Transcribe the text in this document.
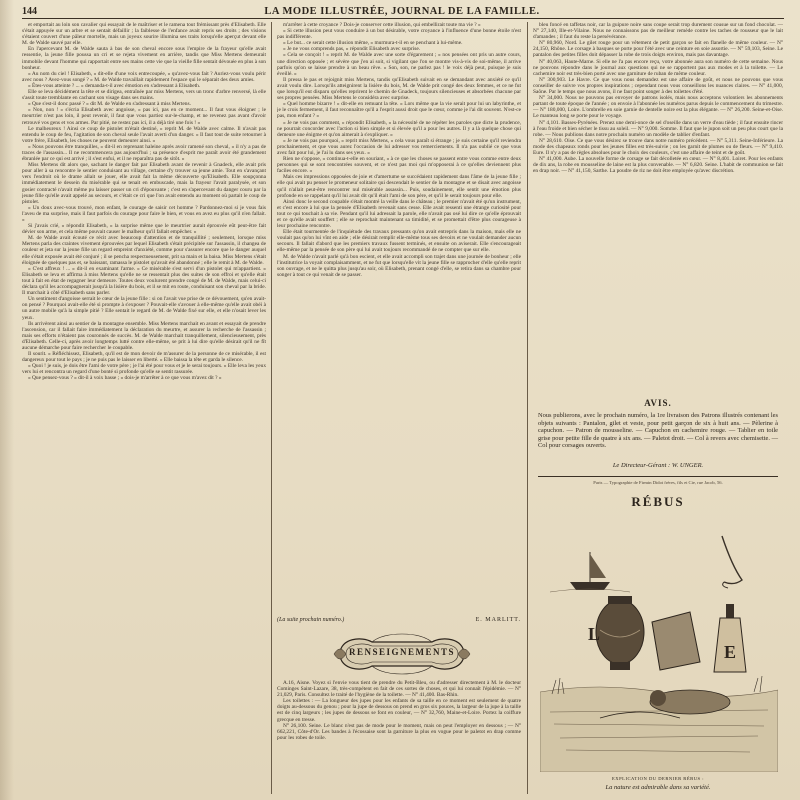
144	LA MODE ILLUSTRÉE, JOURNAL DE LA FAMILLE.

et emportait au loin son cavalier qui essayait de le maîtriser et le ramena tout frémissant près d'Elisabeth. Elle s'était appuyée sur un arbre et se sentait défaillir ; la faiblesse de l'enfance avait repris ses droits ; des visions s'étaient couvert d'une pâleur mortelle, mais un joyeux sourire illumina ses traits lorsqu'elle aperçut devant elle M. de Walde sauvé par elle.

En l'apercevant M. de Walde sauta à bas de son cheval encore sous l'empire de la frayeur qu'elle avait ressentie, la jeune fille poussa un cri et se rejeta vivement en arrière, tandis que Miss Mertens demeurait immobile devant l'homme qui rapportait entre ses mains cette vie que la vieille fille sentait dévouée en plus à son bonheur.

« Au nom du ciel ! Elisabeth, » dit-elle d'une voix entrecoupée, « qu'avez-vous fait ? Auriez-vous voulu périr avec nous ? Avez-vous songé ? » M. de Walde travaillait rapidement l'espace qui le séparait des deux amies.

« Êtes-vous atteinte ? ... » demanda-t-il avec émotion en s'adressant à Elisabeth.

Elle se leva décidément la tête et se dirigea, entraînée par miss Mertens, vers un tronc d'arbre renversé, là elle s'assit toute tremblante en cachant son visage dans ses mains.

« Que s'est-il donc passé ? » dit M. de Walde en s'adressant à miss Mertens.

« Non, non ! » s'écria Elisabeth avec angoisse, « pas ici, pas en ce moment... Il faut vous éloigner ; le meurtrier n'est pas loin, il peut revenir, il faut que vous partiez sur-le-champ, et ne revenez pas avant d'avoir retrouvé vos gens et vos armes. Par pitié, ne restez pas ici, il a déjà tiré une fois ! »

Le malheureux ! Ainsi ce coup de pistolet m'était destiné, » reprit M. de Walde avec calme. Il n'avait pas entendu le coup de feu, l'agitation de son cheval seule l'avait averti d'un danger. « Il faut tout de suite retourner à votre frère, Elisabeth, les choses ne peuvent demeurer ainsi. »

« Nous pouvons être tranquilles, » dit-il en reprenant haleine après avoir ramené son cheval, « il n'y a pas de traces de l'assassin... Il ne recommencera pas aujourd'hui ; sa présence d'esprit me paraît avoir été grandement ébranlée par ce qui est arrivé ; il s'est enfui, et il ne reparaîtra pas de sitôt. »

Miss Mertens dit alors que, sachant le danger fait par Elisabeth avant de revenir à Gnadeck, elle avait pris pour aller à sa rencontre le sentier conduisant au village, certaine d'y trouver sa jeune amie. Tout en s'avançant vers l'endroit où le drame allait se jouer, elle avait fait la même découverte qu'Elisabeth. Elle soupçonna immédiatement le dessein du misérable qui se tenait en embuscade, mais la frayeur l'avait paralysée, et son gosier contracté n'avait même pu laisser passer un cri d'épouvante ; c'est en s'apercevant du danger couru par la jeune fille qu'elle avait appelé au secours, et c'était ce cri que l'on avait entendu au moment où partait le coup de pistolet.

« Un doux avec-vous trouvé, mon enfant, le courage de saisir cet homme ? Pardonnez-moi si je vous fais l'aveu de ma surprise, mais il faut parfois du courage pour faire le bien, et vous en avez eu plus qu'il n'en fallait. »

Si j'avais crié, » répondit Elisabeth, « la surprise même que le meurtrier aurait éprouvée eût peut-être fait dévier son arme, et cela même pouvait causer le malheur qu'il fallait empêcher. »

M. de Walde avait écouté ce récit avec beaucoup d'attention et de tranquillité ; seulement, lorsque miss Mertens parla des craintes vivement éprouvées par lequel Elisabeth s'était précipitée sur l'assassin, il changea de couleur et jeta sur la jeune fille un regard empreint d'anxiété, comme pour s'assurer encore que le danger auquel elle s'était exposée avait été conjuré ; il se pencha respectueusement, prit sa main et la baisa. Miss Mertens s'était éloignée de quelques pas et, se baissant, ramassa le pistolet qu'avait été abandonné ; elle le remit à M. de Walde.

« C'est affreux ! ... » dit-il en examinant l'arme. « Ce misérable s'est servi d'un pistolet qui m'appartient. » Elisabeth se leva et affirma à miss Mertens qu'elle ne se ressentait plus des suites de son effroi et qu'elle était tout à fait en état de regagner leur demeure. Toutes deux voulurent prendre congé de M. de Walde, mais celui-ci déclara qu'il les accompagnerait jusqu'à la lisière du bois, et il se mit en route, conduisant son cheval par la bride. Il marchait à côté d'Elisabeth sans parler.

Un sentiment d'angoisse serrait le cœur de la jeune fille : si on l'avait vue prise de ce dévouement, qu'en avait-on pensé ? Pourquoi avait-elle été si prompte à s'exposer ? Pouvait-elle s'avouer à elle-même qu'elle avait obéi à un autre mobile qu'à la simple pitié ? Elle sentait le regard de M. de Walde fixé sur elle, et elle n'osait lever les yeux.

Ils arrivèrent ainsi au sentier de la montagne ensemble. Miss Mertens marchait en avant et essayait de prendre l'ascension, car il fallait faire immédiatement la déclaration du meurtre, et assurer la recherche de l'assassin ; mais ses efforts n'étaient pas couronnés de succès. M. de Walde marchait tranquillement, silencieusement, près d'Elisabeth. Celle-ci, après avoir longtemps lutté contre elle-même, se prit à lui dire qu'elle désirait qu'il ne fît aucune démarche pour faire rechercher le coupable.

Il sourit. « Réfléchissez, Elisabeth, qu'il est de mon devoir de m'assurer de la personne de ce misérable, il est dangereux pour tout le pays ; je ne puis pas le laisser en liberté. » Elle baissa la tête et garda le silence.

« Quoi ! je suis, je dois être l'ami de votre père ; je l'ai été pour vous et je le serai toujours. » Elle leva les yeux vers lui et rencontra un regard d'une bonté si profonde qu'elle se sentit rassurée.

« Que pensez-vous ? » dit-il à voix basse ; « dois-je m'arrêter à ce que vous m'avez dit ? »

m'arrêter à cette croyance ? Dois-je conserver cette illusion, qui embellirait toute ma vie ? »

« Si cette illusion peut vous conduire à un but désirable, votre croyance à l'influence d'une bonne étoile n'est pas indifférente.

« Le but... ce serait cette illusion même, » murmura-t-il en se penchant à lui-même.

« Je ne vous comprends pas, » répondit Elisabeth avec surprise.

« Cela se conçoit ! » reprit M. de Walde avec une sorte d'égarement ; « nos pensées ont pris un autre cours, une direction opposée ; et sévère que j'en ai soit, si vigilant que l'on se montre vis-à-vis de soi-même, il arrive parfois qu'on se laisse prendre à un beau rêve. » Son, son, ne parlez pas ! le voix déjà peut, puisque je suis éveillé. »

Il pressa le pas et rejoignit miss Mertens, tandis qu'Elisabeth suivait en se demandant avec anxiété ce qu'il avait voulu dire. Lorsqu'ils atteignirent la lisière du bois, M. de Walde prit congé des deux femmes, et ce ne fut que lorsqu'il eut disparu qu'elles reprirent le chemin de Gnadeck, toujours silencieuses et absorbées chacune par ses propres pensées. Miss Mertens le considéra avec surprise.

« Quel homme bizarre ! » dit-elle en remuant la tête. « Lors même que la vie serait pour lui un labyrinthe, et je le crois fermement, il faut reconnaître qu'il a l'esprit aussi droit que le cœur, comme je l'ai dit souvent. N'est-ce pas, mon enfant ? »

« Je ne vois pas comment, » répondit Elisabeth, « la nécessité de ne répéter les paroles que dicte la prudence, ne pourrait concorder avec l'action si bien simple et si élevée qu'il a pour les autres. Il y a là quelque chose qui demeure une énigme et qu'on aimerait à s'expliquer. »

« Je ne vois pas pourquoi, » reprit miss Mertens, « cela vous paraît si étrange ; je suis certaine qu'il reviendra prochainement, et que vous aurez l'occasion de lui adresser vos remerciements. Il n'a pas oublié ce que vous avez fait pour lui, je l'ai lu dans ses yeux. »

Rien ne s'oppose, » continua-t-elle en souriant, « à ce que les choses se passent entre vous comme entre deux personnes qui se sont rencontrées souvent, et ce n'est pas moi qui m'opposerai à ce qu'elles deviennent plus faciles encore. »

Mais ces impressions opposées de joie et d'amertume se succédaient rapidement dans l'âme de la jeune fille ; elle qui avait pu penser le promeneur solitaire qui descendait le sentier de la montagne et se disait avec angoisse qu'il n'allait peut-être rencontrer nul misérable assassin... Puis, soudainement, elle sentit une émotion plus profonde en se rappelant qu'il lui avait dit qu'il était l'ami de son père, et qu'il le serait toujours pour elle.

Ainsi donc le second coupable s'était montré la veille dans le château ; le premier n'avait été qu'un instrument, et c'est encore à lui que la pensée d'Elisabeth revenait sans cesse. Elle avait ressenti une étrange curiosité pour tout ce qui touchait à sa vie. Pendant qu'il lui adressait la parole, elle n'avait pas osé lui dire ce qu'elle éprouvait et ce qu'elle avait souffert ; elle se reprochait maintenant sa timidité, et se promettait d'être plus courageuse à leur prochaine rencontre.

Elle était tourmentée de l'inquiétude des travaux pressants qu'on avait entrepris dans la maison, mais elle ne voulait pas qu'on lui vînt en aide ; elle désirait remplir elle-même tous ses devoirs et ne voulait demander aucun secours. Il fallait d'abord que les premiers travaux fussent terminés, et ensuite on aviserait. Elle s'encourageait elle-même par la pensée de son père qui lui avait toujours recommandé de ne compter que sur elle.

M. de Walde n'avait parlé qu'à bon escient, et elle avait accompli son trajet dans une journée de bonheur ; elle l'institutrice la voyait complaisamment, et ne fut que lorsqu'elle vit la jeune fille se rapprocher d'elle qu'elle reprit son ouvrage, et ne le quitta plus jusqu'au soir, où Elisabeth, prenant congé d'elle, se retira dans sa chambre pour songer à tout ce qui venait de se passer.

(La suite prochain numéro.)	E. MARLITT.
RENSEIGNEMENTS

A.16, Aisne. Voyez si l'envie vous tient de prendre du Petit-Bleu, ou d'adresser directement à M. le docteur Cominges Saint-Lazare, 38, très-compétent en fait de ces sortes de choses, et qui lui connaît l'épidémie. — N° 21,029, Paris. Consultez le traité de l'hygiène de la toilette. — N° 41,400. Bas-Rhin.

Les toilettes : — La longueur des jupes pour les enfants de sa taille en ce moment est seulement de quatre doigts au-dessous du genou ; pour la jupe de dessous on prend en gros six pouces, la largeur de la jupe à la taille est de cinq largeurs ; les jupes de dessous se font en couleur, — N° 32,760, Maine-et-Loire. Portez la coiffure grecque en tresse.

N° 26,100. Seine. Le blanc n'est pas de mode pour le moment, mais on peut l'employer en dessous ; — N° 662,221, Côte-d'Or. Les bandes à l'écossaise sont la garniture la plus en vogue pour le paletot en drap comme pour les robes de toile.

bleu foncé en taffetas noir, car la guipure noire sans coupe serait trop durement cousue sur un fond chocolat. — N° 27,140, Ille-et-Vilaine. Nous ne connaissons pas de meilleur remède contre les taches de rousseur que le lait d'amandes ; il faut du reste la persévérance.

N° 80,960, Nord. Le gilet rouge pour un vêtement de petit garçon se fait en flanelle de même couleur. — N° 24,150, Rhône. Le corsage à basques se porte pour l'été avec une ceinture en soie assortie. — N° 59,103, Seine. Le pantalon des petites filles doit dépasser la robe de trois doigts environ, mais pas davantage.

N° 40,063, Haute-Marne. Si elle ne l'a pas encore reçu, votre abonnée aura son numéro de cette semaine. Nous ne pouvons répondre dans le journal aux questions qui ne se rapportent pas aux modes et à la toilette. — Le cachemire noir est très-bien porté avec une garniture de ruban de même couleur.

N° 300,903. Le Havre. Ce que vous nous demandez est une affaire de goût, et nous ne pouvons que vous conseiller de suivre vos propres inspirations ; cependant nous vous conseillons les nuances claires. — N° 41,000, Saône. Par le temps que nous avons, il ne faut point songer à des toilettes d'été.

N° 34,000. Nous ne pouvons pas envoyer de patrons isolés, mais nous acceptons volontiers les abonnements partant de toute époque de l'année ; on envoie à l'abonnée les numéros parus depuis le commencement du trimestre. — N° 180,000, Loire. L'ombrelle en soie garnie de dentelle noire est la plus élégante. — N° 26,200. Seine-et-Oise. Le manteau long se porte pour le voyage.

N° 4,101. Basses-Pyrénées. Prenez une demi-once de sel d'oseille dans un verre d'eau tiède ; il faut ensuite rincer à l'eau froide et bien sécher le tissu au soleil. — N° 9,000. Somme. Il faut que le jupon soit un peu plus court que la robe. — Nous publions dans notre prochain numéro un modèle de tablier d'enfant.

N° 28,610. Oise. Ce que vous désirez se trouve dans notre numéro précédent. — N° 5,311. Seine-Inférieure. La mode des chapeaux ronds pour les jeunes filles est très-suivie ; on les garnit de plumes ou de fleurs. — N° 9,410. Eure. Il n'y a pas de règles absolues pour le choix des couleurs, c'est une affaire de teint et de goût.

N° 41,000. Aube. La nouvelle forme de corsage se fait décolletée en cœur. — N° 8,401. Loiret. Pour les enfants de dix ans, la robe en mousseline de laine est la plus convenable. — N° 6,820. Seine. L'habit de communion se fait en drap noir. — N° 41,150, Sarthe. La poudre de riz ne doit être employée qu'avec discrétion.

AVIS.
Nous publierons, avec le prochain numéro, la 1re livraison des Patrons illustrés contenant les objets suivants : Pantalon, gilet et veste, pour petit garçon de six à huit ans. — Pèlerine à capuchon. — Patron de mousseline. — Capuchon en cachemire rouge. — Tablier en toile grise pour petite fille de quatre à six ans. — Paletot droit. — Col à revers avec chemisette. — Col pour corsages ouverts.
Le Directeur-Gérant : W. UNGER.
Paris — Typographie de Firmin Didot frères, fils et Cie, rue Jacob, 56.
RÉBUS
L
E
EXPLICATION DU DERNIER RÉBUS :
La nature est admirable dans sa variété.
